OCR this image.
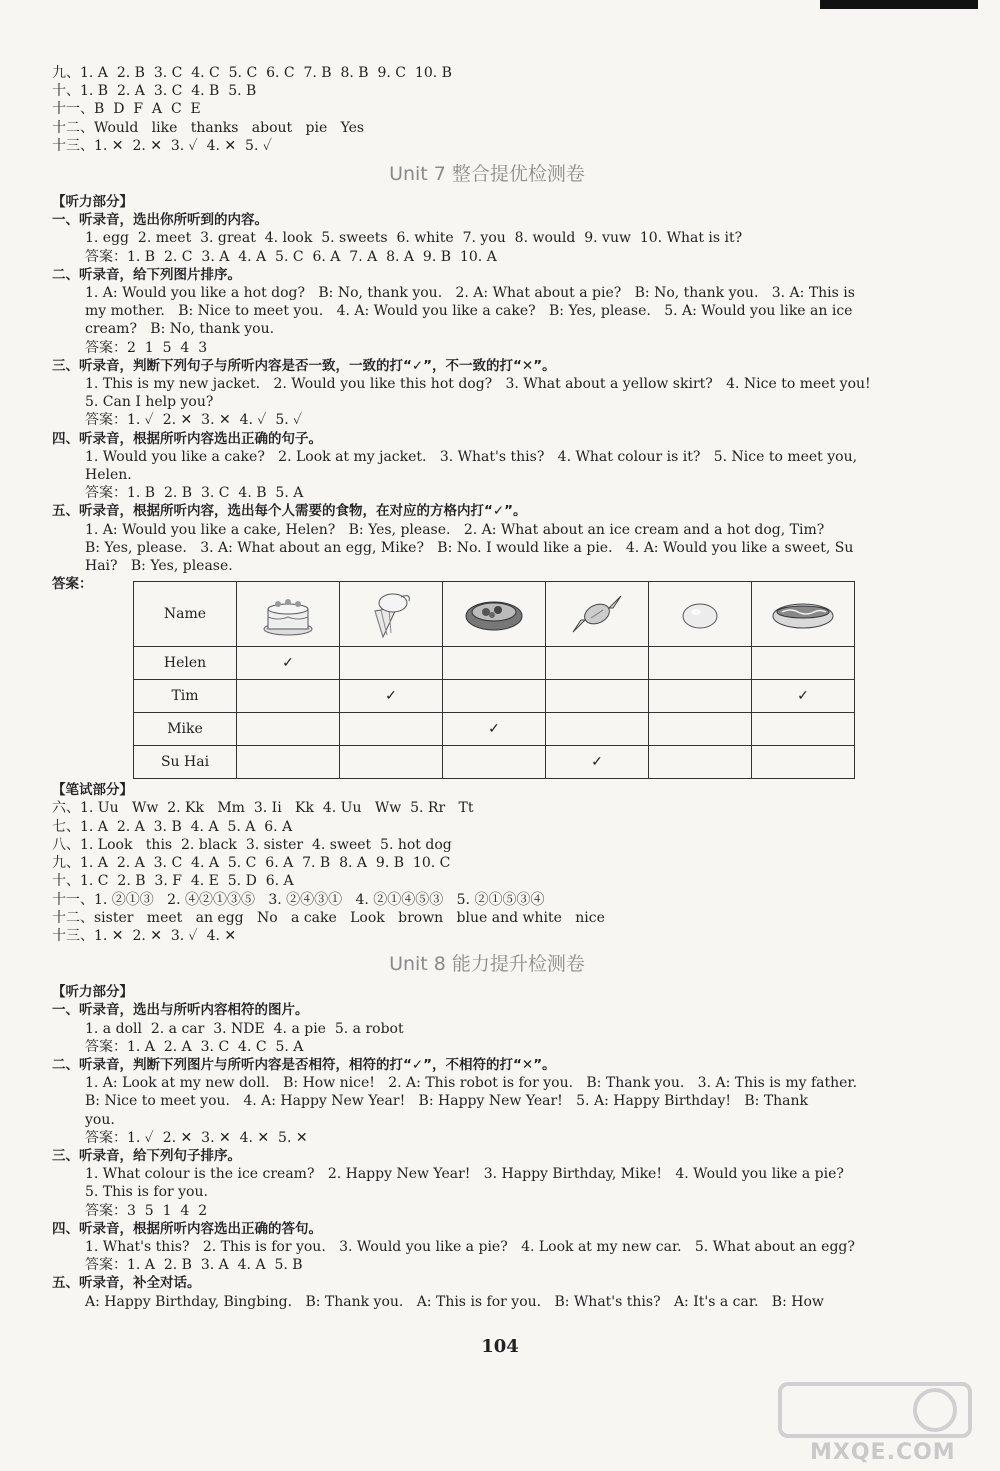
九、1. A  2. B  3. C  4. C  5. C  6. C  7. B  8. B  9. C  10. B
十、1. B  2. A  3. C  4. B  5. B
十一、B  D  F  A  C  E
十二、Would   like   thanks   about   pie   Yes
十三、1. ✕  2. ✕  3. ✓  4. ✕  5. ✓
Unit 7 整合提优检测卷
【听力部分】
一、听录音，选出你所听到的内容。
1. egg  2. meet  3. great  4. look  5. sweets  6. white  7. you  8. would  9. vuw  10. What is it?
答案：1. B  2. C  3. A  4. A  5. C  6. A  7. A  8. A  9. B  10. A
二、听录音，给下列图片排序。
1. A: Would you like a hot dog?   B: No, thank you.   2. A: What about a pie?   B: No, thank you.   3. A: This is
my mother.   B: Nice to meet you.   4. A: Would you like a cake?   B: Yes, please.   5. A: Would you like an ice
cream?   B: No, thank you.
答案：2  1  5  4  3
三、听录音，判断下列句子与所听内容是否一致，一致的打“✓”，不一致的打“✕”。
1. This is my new jacket.   2. Would you like this hot dog?   3. What about a yellow skirt?   4. Nice to meet you!
5. Can I help you?
答案：1. ✓  2. ✕  3. ✕  4. ✓  5. ✓
四、听录音，根据所听内容选出正确的句子。
1. Would you like a cake?   2. Look at my jacket.   3. What's this?   4. What colour is it?   5. Nice to meet you,
Helen.
答案：1. B  2. B  3. C  4. B  5. A
五、听录音，根据所听内容，选出每个人需要的食物，在对应的方格内打“✓”。
1. A: Would you like a cake, Helen?   B: Yes, please.   2. A: What about an ice cream and a hot dog, Tim?
B: Yes, please.   3. A: What about an egg, Mike?   B: No. I would like a pie.   4. A: Would you like a sweet, Su
Hai?   B: Yes, please.
答案：
Name	

Helen	✓					
Tim		✓				✓
Mike			✓			
Su Hai				✓		
【笔试部分】
六、1. Uu   Ww  2. Kk   Mm  3. Ii   Kk  4. Uu   Ww  5. Rr   Tt
七、1. A  2. A  3. B  4. A  5. A  6. A
八、1. Look   this  2. black  3. sister  4. sweet  5. hot dog
九、1. A  2. A  3. C  4. A  5. C  6. A  7. B  8. A  9. B  10. C
十、1. C  2. B  3. F  4. E  5. D  6. A
十一、1. ②①③   2. ④②①③⑤   3. ②④③①   4. ②①④⑤③   5. ②①⑤③④
十二、sister   meet   an egg   No   a cake   Look   brown   blue and white   nice
十三、1. ✕  2. ✕  3. ✓  4. ✕
Unit 8 能力提升检测卷
【听力部分】
一、听录音，选出与所听内容相符的图片。
1. a doll  2. a car  3. NDE  4. a pie  5. a robot
答案：1. A  2. A  3. C  4. C  5. A
二、听录音，判断下列图片与所听内容是否相符，相符的打“✓”，不相符的打“✕”。
1. A: Look at my new doll.   B: How nice!   2. A: This robot is for you.   B: Thank you.   3. A: This is my father.
B: Nice to meet you.   4. A: Happy New Year!   B: Happy New Year!   5. A: Happy Birthday!   B: Thank
you.
答案：1. ✓  2. ✕  3. ✕  4. ✕  5. ✕
三、听录音，给下列句子排序。
1. What colour is the ice cream?   2. Happy New Year!   3. Happy Birthday, Mike!   4. Would you like a pie?
5. This is for you.
答案：3  5  1  4  2
四、听录音，根据所听内容选出正确的答句。
1. What's this?   2. This is for you.   3. Would you like a pie?   4. Look at my new car.   5. What about an egg?
答案：1. A  2. B  3. A  4. A  5. B
五、听录音，补全对话。
A: Happy Birthday, Bingbing.   B: Thank you.   A: This is for you.   B: What's this?   A: It's a car.   B: How
104
MXQE.COM
